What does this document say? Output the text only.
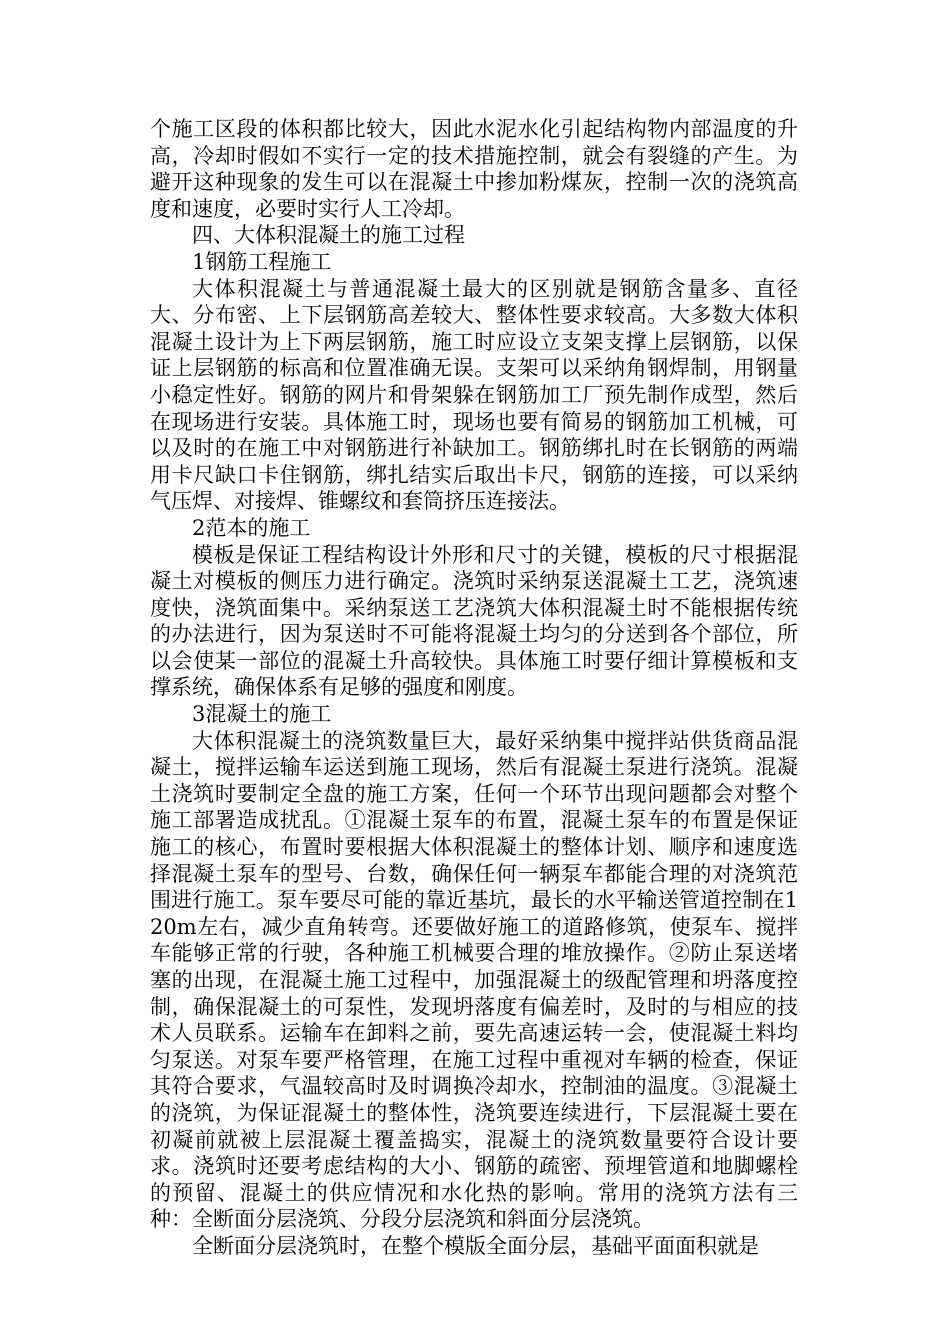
个施工区段的体积都比较大，因此水泥水化引起结构物内部温度的升高，冷却时假如不实行一定的技术措施控制，就会有裂缝的产生。为避开这种现象的发生可以在混凝土中掺加粉煤灰，控制一次的浇筑高度和速度，必要时实行人工冷却。

四、大体积混凝土的施工过程

1钢筋工程施工

大体积混凝土与普通混凝土最大的区别就是钢筋含量多、直径大、分布密、上下层钢筋高差较大、整体性要求较高。大多数大体积混凝土设计为上下两层钢筋，施工时应设立支架支撑上层钢筋，以保证上层钢筋的标高和位置准确无误。支架可以采纳角钢焊制，用钢量小稳定性好。钢筋的网片和骨架躲在钢筋加工厂预先制作成型，然后在现场进行安装。具体施工时，现场也要有简易的钢筋加工机械，可以及时的在施工中对钢筋进行补缺加工。钢筋绑扎时在长钢筋的两端用卡尺缺口卡住钢筋，绑扎结实后取出卡尺，钢筋的连接，可以采纳气压焊、对接焊、锥螺纹和套筒挤压连接法。

2范本的施工

模板是保证工程结构设计外形和尺寸的关键，模板的尺寸根据混凝土对模板的侧压力进行确定。浇筑时采纳泵送混凝土工艺，浇筑速度快，浇筑面集中。采纳泵送工艺浇筑大体积混凝土时不能根据传统的办法进行，因为泵送时不可能将混凝土均匀的分送到各个部位，所以会使某一部位的混凝土升高较快。具体施工时要仔细计算模板和支撑系统，确保体系有足够的强度和刚度。

3混凝土的施工

大体积混凝土的浇筑数量巨大，最好采纳集中搅拌站供货商品混凝土，搅拌运输车运送到施工现场，然后有混凝土泵进行浇筑。混凝土浇筑时要制定全盘的施工方案，任何一个环节出现问题都会对整个施工部署造成扰乱。①混凝土泵车的布置，混凝土泵车的布置是保证施工的核心，布置时要根据大体积混凝土的整体计划、顺序和速度选择混凝土泵车的型号、台数，确保任何一辆泵车都能合理的对浇筑范围进行施工。泵车要尽可能的靠近基坑，最长的水平输送管道控制在120m左右，减少直角转弯。还要做好施工的道路修筑，使泵车、搅拌车能够正常的行驶，各种施工机械要合理的堆放操作。②防止泵送堵塞的出现，在混凝土施工过程中，加强混凝土的级配管理和坍落度控制，确保混凝土的可泵性，发现坍落度有偏差时，及时的与相应的技术人员联系。运输车在卸料之前，要先高速运转一会，使混凝土料均匀泵送。对泵车要严格管理，在施工过程中重视对车辆的检查，保证其符合要求，气温较高时及时调换冷却水，控制油的温度。③混凝土的浇筑，为保证混凝土的整体性，浇筑要连续进行，下层混凝土要在初凝前就被上层混凝土覆盖捣实，混凝土的浇筑数量要符合设计要求。浇筑时还要考虑结构的大小、钢筋的疏密、预埋管道和地脚螺栓的预留、混凝土的供应情况和水化热的影响。常用的浇筑方法有三种：全断面分层浇筑、分段分层浇筑和斜面分层浇筑。

全断面分层浇筑时，在整个模版全面分层，基础平面面积就是
